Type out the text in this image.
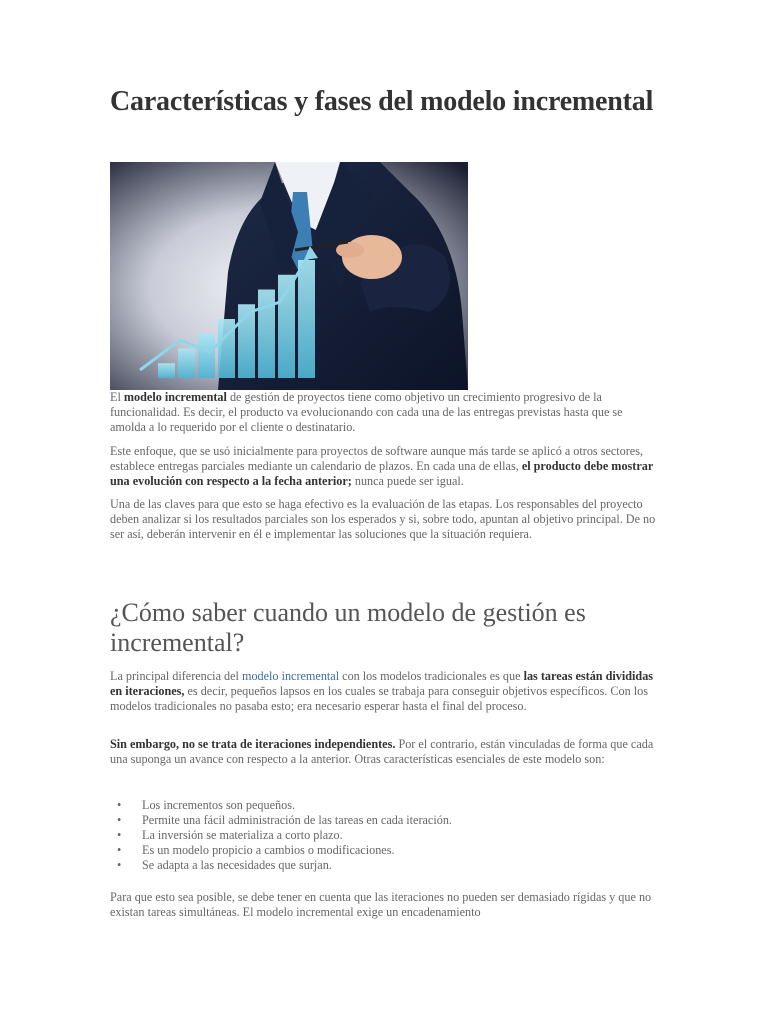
Características y fases del modelo incremental

El modelo incremental de gestión de proyectos tiene como objetivo un crecimiento progresivo de la funcionalidad. Es decir, el producto va evolucionando con cada una de las entregas previstas hasta que se amolda a lo requerido por el cliente o destinatario.

Este enfoque, que se usó inicialmente para proyectos de software aunque más tarde se aplicó a otros sectores, establece entregas parciales mediante un calendario de plazos. En cada una de ellas, el producto debe mostrar una evolución con respecto a la fecha anterior; nunca puede ser igual.

Una de las claves para que esto se haga efectivo es la evaluación de las etapas. Los responsables del proyecto deben analizar si los resultados parciales son los esperados y si, sobre todo, apuntan al objetivo principal. De no ser así, deberán intervenir en él e implementar las soluciones que la situación requiera.

¿Cómo saber cuando un modelo de gestión es incremental?

La principal diferencia del modelo incremental con los modelos tradicionales es que las tareas están divididas en iteraciones, es decir, pequeños lapsos en los cuales se trabaja para conseguir objetivos específicos. Con los modelos tradicionales no pasaba esto; era necesario esperar hasta el final del proceso.

Sin embargo, no se trata de iteraciones independientes. Por el contrario, están vinculadas de forma que cada una suponga un avance con respecto a la anterior. Otras características esenciales de este modelo son:

• Los incrementos son pequeños.
• Permite una fácil administración de las tareas en cada iteración.
• La inversión se materializa a corto plazo.
• Es un modelo propicio a cambios o modificaciones.
• Se adapta a las necesidades que surjan.

Para que esto sea posible, se debe tener en cuenta que las iteraciones no pueden ser demasiado rígidas y que no existan tareas simultáneas. El modelo incremental exige un encadenamiento
